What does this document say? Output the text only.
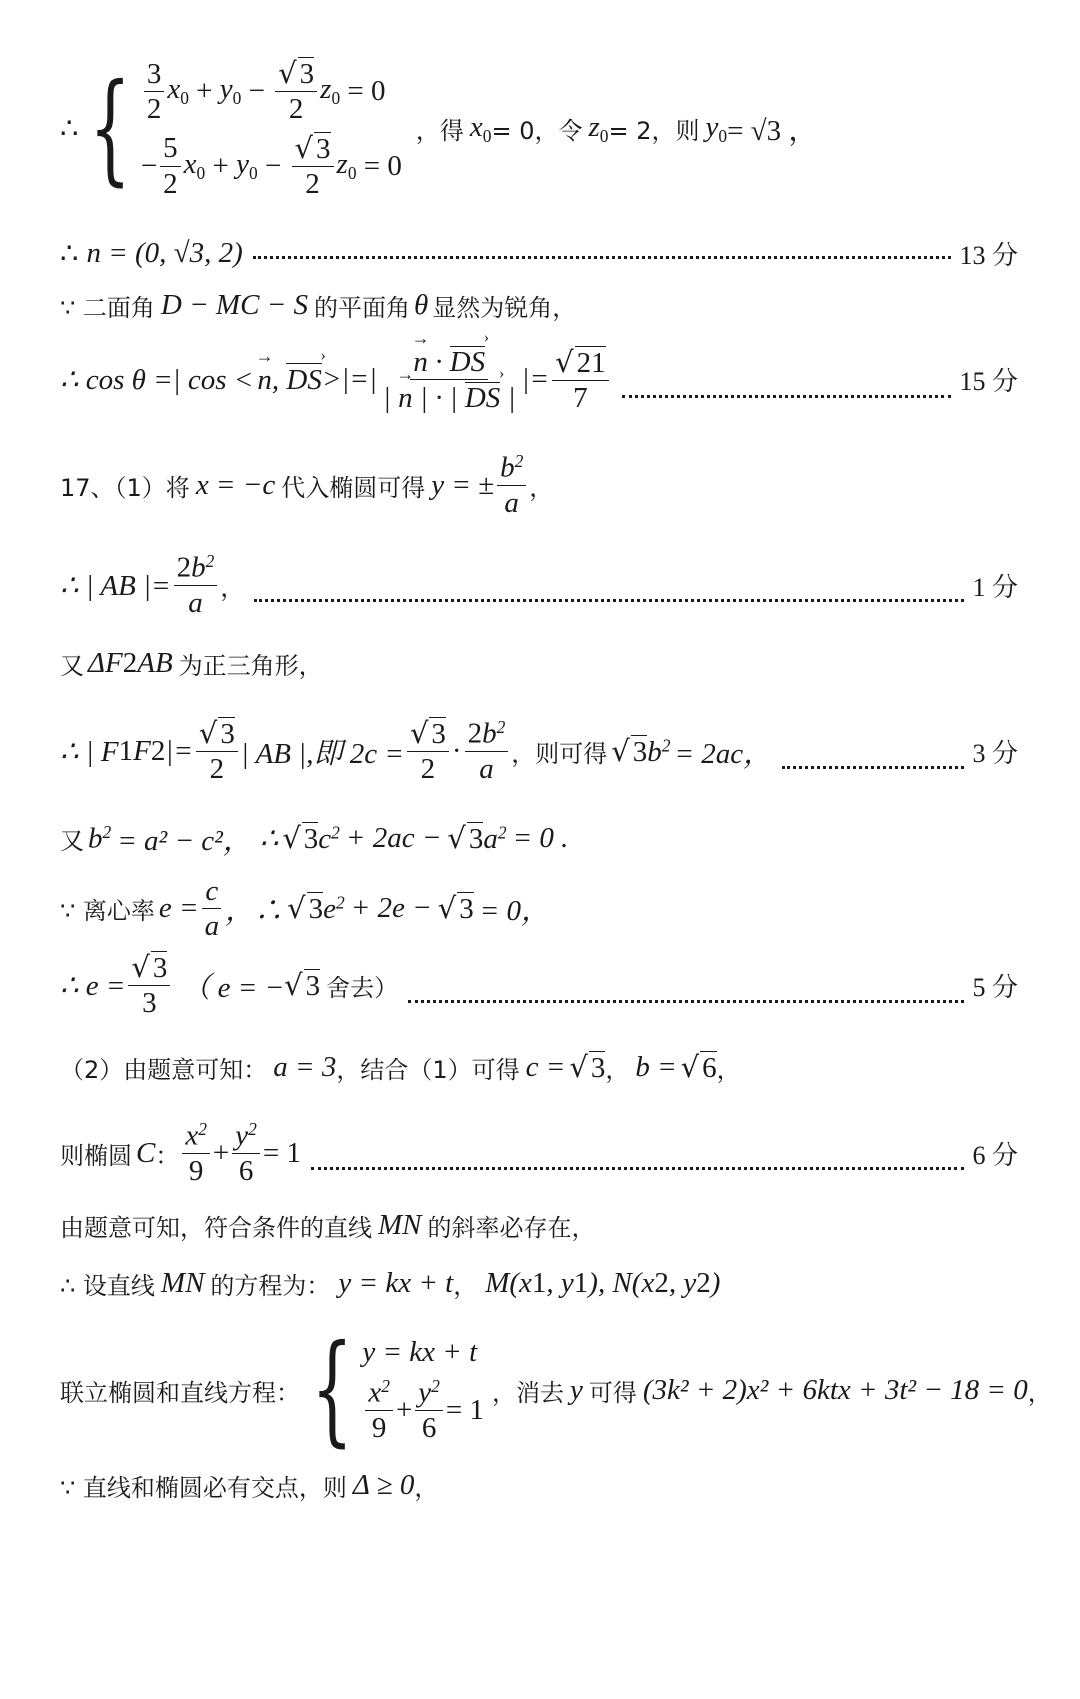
∴ { $\frac{3}{2} x_0 + y_0 - \frac{√ 3}{2} z_0 = 0$
− $\frac{5}{2} x_0 + y_0 - \frac{√ 3}{2} z_0 = 0$
，得 $x_0 = 0$，令 $z_0 = 2$，则 $y_0 = √3$ ，
∴ n = (0, √3, 2)	13 分
∵ 二面角 D − MC − S 的平面角 θ 显然为锐角，
∴ cos θ =| cos < → n, DS › >|=| → $\frac{n \cdot DS ›}{| \to n | \cdot | DS › |}$ |= $\frac{√ 21}{7}$	15 分
17、（1）将 x = −c 代入椭圆可得 y = ± $\frac{b^2}{a}$ ，
∴ | AB |= $\frac{2b^2}{a}$ ，	1 分
又 ΔF 2 AB 为正三角形，
∴ | F 1 F 2 |= $\frac{√ 3}{2}$ | AB |,即 $2c = \frac{√ 3}{2} \cdot \frac{2b^2}{a}$ ，则可得 √ $3b^2 = 2ac$，	3 分
又 $b^2 = a^2 - c^2$， ∴ √ $3c^2 + 2ac$ − √ $3a^2 = 0$ .
∵ 离心率 $e = \frac{c}{a}$ ，∴ √ $3e^2 + 2e$ − √ 3 = 0，
∴ $e = \frac{√ 3}{3}$ （ e = − √ 3 舍去）	5 分
（2）由题意可知： a = 3 ，结合（1）可得 c = √ 3 ， b = √ 6 ，
则椭圆 C ： $\frac{x^2}{9} + \frac{y^2}{6} = 1$	6 分
由题意可知，符合条件的直线 MN 的斜率必存在，
∴ 设直线 MN 的方程为： y = kx + t ， M(x 1 , y 1 ), N(x 2 , y 2 )
联立椭圆和直线方程： { y = kx + t
$\frac{x^2}{9} + \frac{y^2}{6} = 1$
，消去 y 可得 (3k² + 2)x² + 6ktx + 3t² − 18 = 0 ，
∵ 直线和椭圆必有交点，则 Δ ≥ 0 ，
